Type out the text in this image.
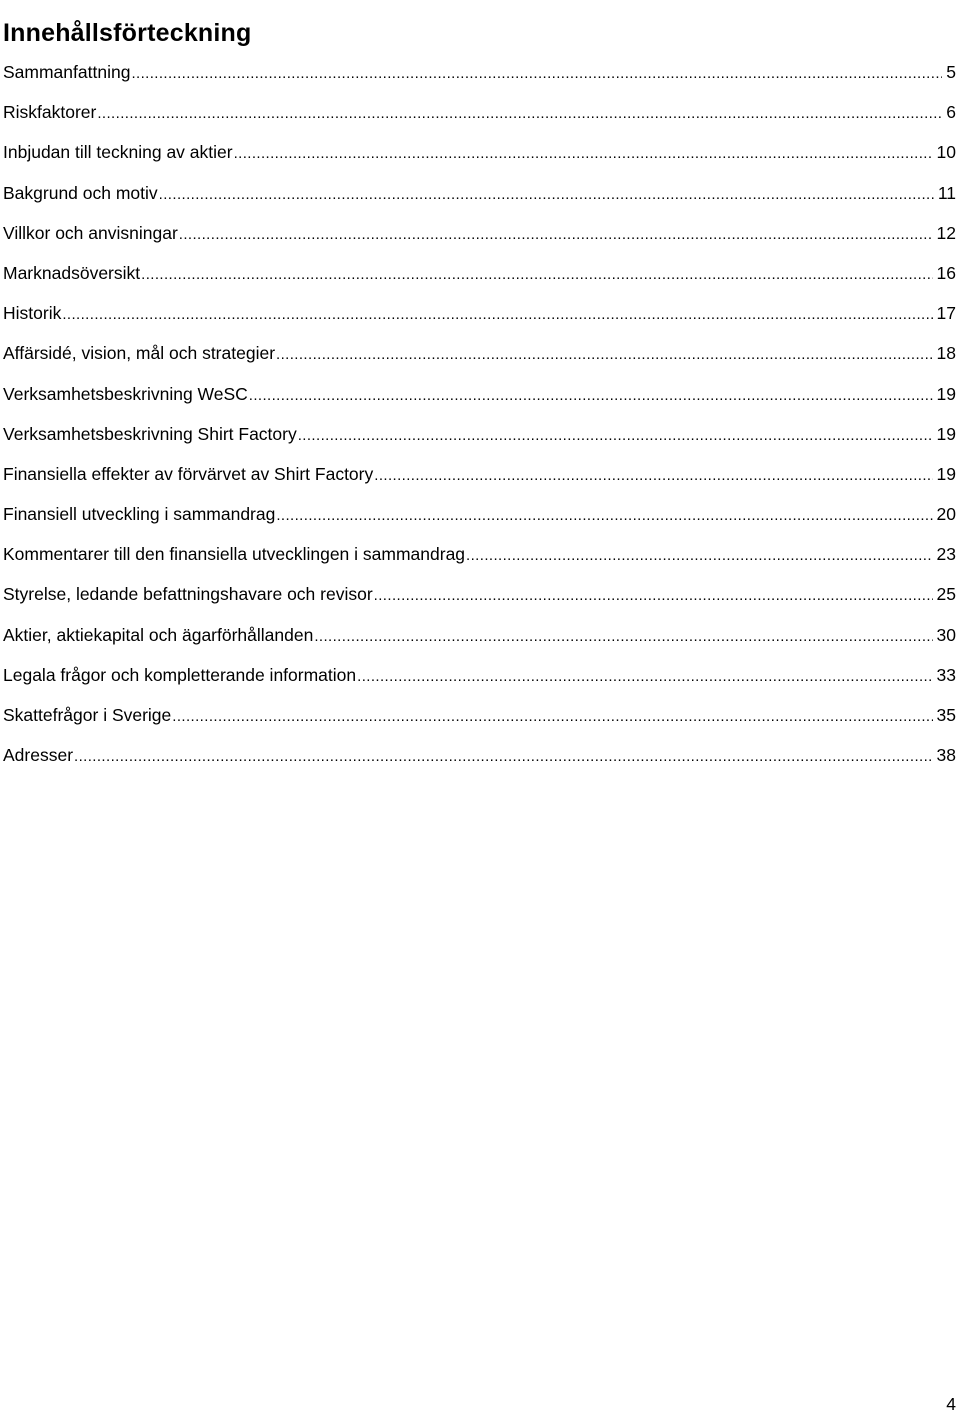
Innehållsförteckning
Sammanfattning .....	5
Riskfaktorer .....	6
Inbjudan till teckning av aktier .....	10
Bakgrund och motiv .....	11
Villkor och anvisningar .....	12
Marknadsöversikt .....	16
Historik .....	17
Affärsidé, vision, mål och strategier .....	18
Verksamhetsbeskrivning WeSC .....	19
Verksamhetsbeskrivning Shirt Factory .....	19
Finansiella effekter av förvärvet av Shirt Factory .....	19
Finansiell utveckling i sammandrag .....	20
Kommentarer till den finansiella utvecklingen i sammandrag .....	23
Styrelse, ledande befattningshavare och revisor .....	25
Aktier, aktiekapital och ägarförhållanden .....	30
Legala frågor och kompletterande information .....	33
Skattefrågor i Sverige .....	35
Adresser .....	38
4
